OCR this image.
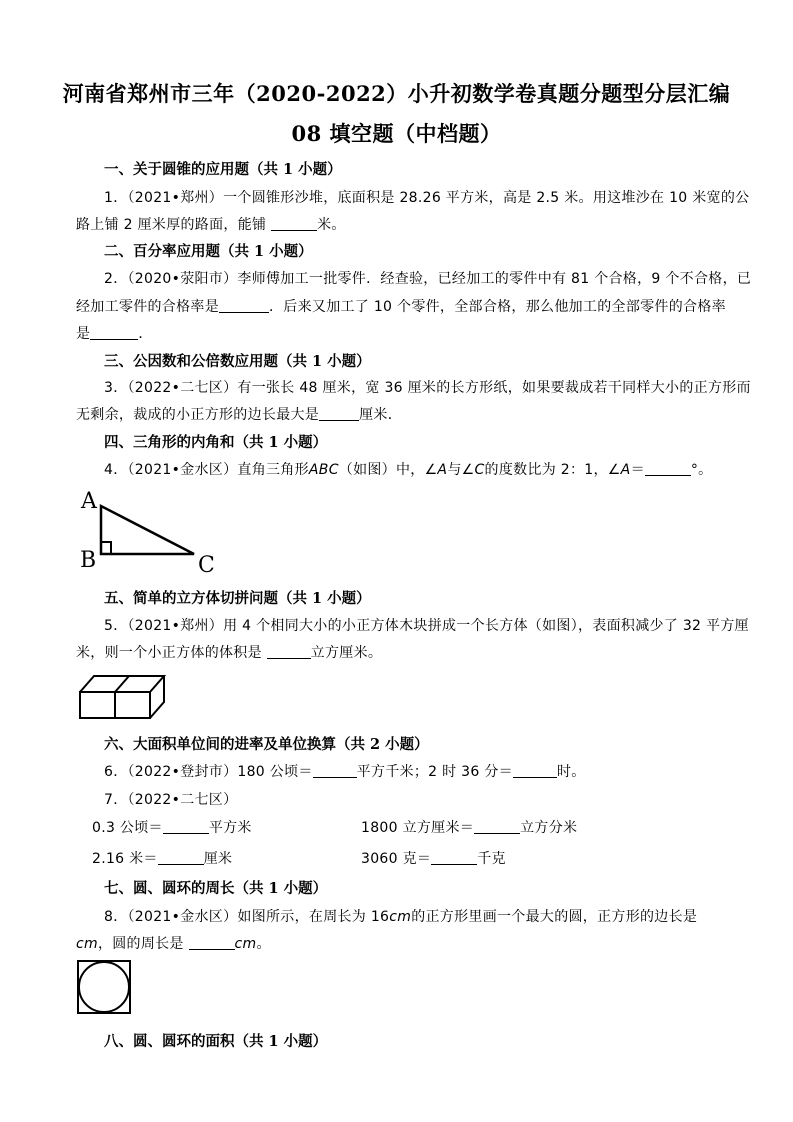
河南省郑州市三年（2020-2022）小升初数学卷真题分题型分层汇编
08 填空题（中档题）
一、关于圆锥的应用题（共 1 小题）
1．（2021•郑州）一个圆锥形沙堆，底面积是 28.26 平方米，高是 2.5 米。用这堆沙在 10 米宽的公
路上铺 2 厘米厚的路面，能铺	米。
二、百分率应用题（共 1 小题）
2．（2020•荥阳市）李师傅加工一批零件．经查验，已经加工的零件中有 81 个合格，9 个不合格，已
经加工零件的合格率是	．后来又加工了 10 个零件，全部合格，那么他加工的全部零件的合格率
是	．
三、公因数和公倍数应用题（共 1 小题）
3．（2022•二七区）有一张长 48 厘米，宽 36 厘米的长方形纸，如果要裁成若干同样大小的正方形而
无剩余，裁成的小正方形的边长最大是	厘米．
四、三角形的内角和（共 1 小题）
4．（2021•金水区）直角三角形ABC（如图）中，∠A与∠C的度数比为 2：1，∠A＝	°。
A
B	C
五、简单的立方体切拼问题（共 1 小题）
5．（2021•郑州）用 4 个相同大小的小正方体木块拼成一个长方体（如图），表面积减少了 32 平方厘
米，则一个小正方体的体积是	立方厘米。
六、大面积单位间的进率及单位换算（共 2 小题）
6．（2022•登封市）180 公顷＝	平方千米；2 时 36 分＝	时。
7．（2022•二七区）
0.3 公顷＝	平方米	1800 立方厘米＝	立方分米
2.16 米＝	厘米	3060 克＝	千克
七、圆、圆环的周长（共 1 小题）
8．（2021•金水区）如图所示，在周长为 16cm的正方形里画一个最大的圆，正方形的边长是
cm，圆的周长是	cm。
八、圆、圆环的面积（共 1 小题）
